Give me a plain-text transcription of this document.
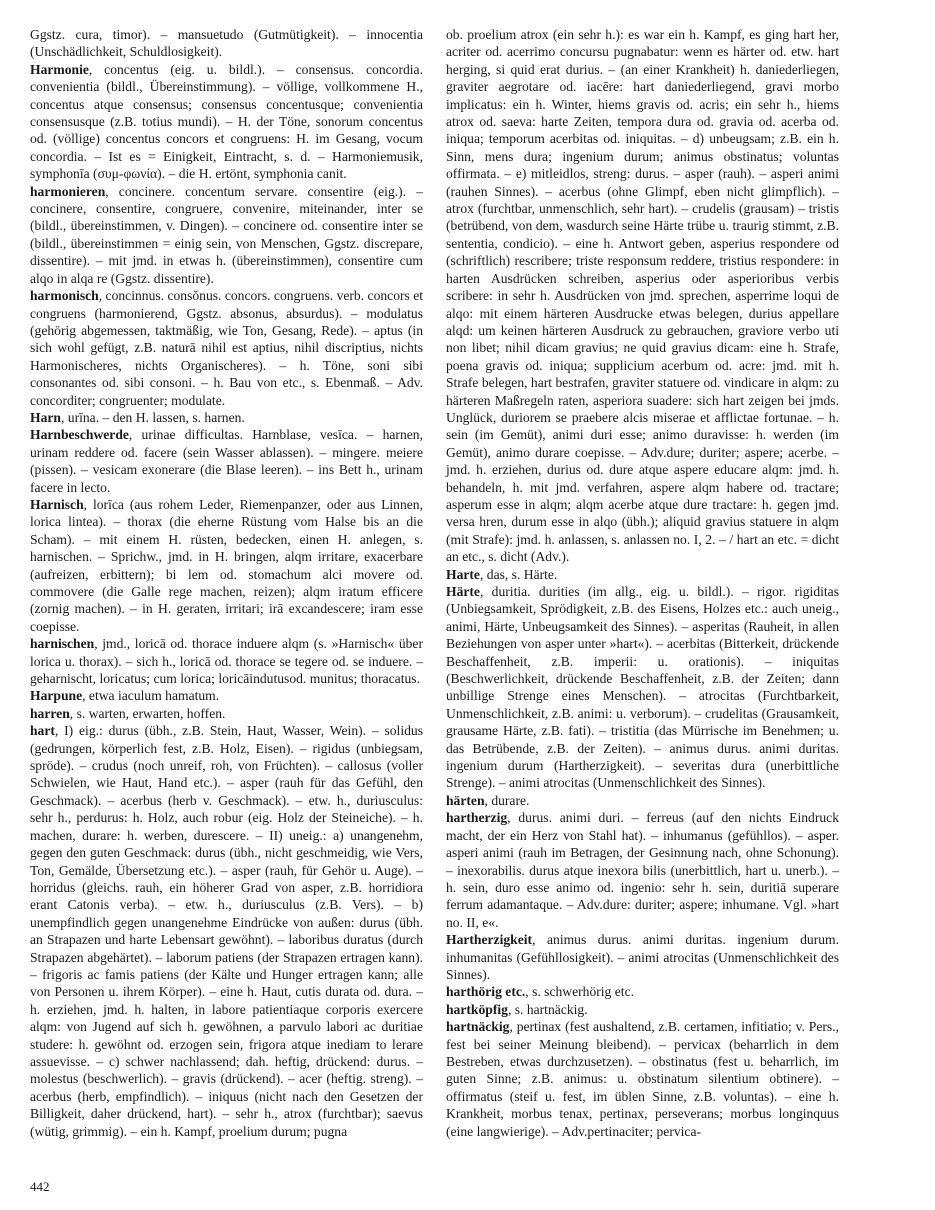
Ggstz. cura, timor). – mansuetudo (Gutmütigkeit). – innocentia (Unschädlichkeit, Schuldlosigkeit).

Harmonie, concentus (eig. u. bildl.). – consensus. concordia. convenientia (bildl., Übereinstimmung). – völlige, vollkommene H., concentus atque consensus; consensus concentusque; convenientia consensusque (z.B. totius mundi). – H. der Töne, sonorum concentus od. (völlige) concentus concors et congruens: H. im Gesang, vocum concordia. – Ist es = Einigkeit, Eintracht, s. d. – Harmoniemusik, symphonīa (συμ-φωνία). – die H. ertönt, symphonia canit.

harmonieren, concinere. concentum servare. consentire (eig.). – concinere, consentire, congruere, convenire, miteinander, inter se (bildl., übereinstimmen, v. Dingen). – concinere od. consentire inter se (bildl., übereinstimmen = einig sein, von Menschen, Ggstz. discrepare, dissentire). – mit jmd. in etwas h. (übereinstimmen), consentire cum alqo in alqa re (Ggstz. dissentire).

harmonisch, concinnus. consŏnus. concors. congruens. verb. concors et congruens (harmonierend, Ggstz. absonus, absurdus). – modulatus (gehörig abgemessen, taktmäßig, wie Ton, Gesang, Rede). – aptus (in sich wohl gefügt, z.B. naturā nihil est aptius, nihil discriptius, nichts Harmonischeres, nichts Organischeres). – h. Töne, soni sibi consonantes od. sibi consoni. – h. Bau von etc., s. Ebenmaß. – Adv. concorditer; congruenter; modulate.

Harn, urīna. – den H. lassen, s. harnen.

Harnbeschwerde, urinae difficultas. Harnblase, vesīca. – harnen, urinam reddere od. facere (sein Wasser ablassen). – mingere. meiere (pissen). – vesicam exonerare (die Blase leeren). – ins Bett h., urinam facere in lecto.

Harnisch, lorīca (aus rohem Leder, Riemenpanzer, oder aus Linnen, lorica lintea). – thorax (die eherne Rüstung vom Halse bis an die Scham). – mit einem H. rüsten, bedecken, einen H. anlegen, s. harnischen. – Sprichw., jmd. in H. bringen, alqm irritare, exacerbare (aufreizen, erbittern); bi lem od. stomachum alci movere od. commovere (die Galle rege machen, reizen); alqm iratum efficere (zornig machen). – in H. geraten, irritari; irā excandescere; iram esse coepisse.

harnischen, jmd., loricā od. thorace induere alqm (s. »Harnisch« über lorica u. thorax). – sich h., loricā od. thorace se tegere od. se induere. – geharnischt, loricatus; cum lorica; loricāindutusod. munitus; thoracatus.

Harpune, etwa iaculum hamatum.

harren, s. warten, erwarten, hoffen.

hart, I) eig.: durus (übh., z.B. Stein, Haut, Wasser, Wein). – solidus (gedrungen, körperlich fest, z.B. Holz, Eisen). – rigidus (unbiegsam, spröde). – crudus (noch unreif, roh, von Früchten). – callosus (voller Schwielen, wie Haut, Hand etc.). – asper (rauh für das Gefühl, den Geschmack). – acerbus (herb v. Geschmack). – etw. h., duriusculus: sehr h., perdurus: h. Holz, auch robur (eig. Holz der Steineiche). – h. machen, durare: h. werben, durescere. – II) uneig.: a) unangenehm, gegen den guten Geschmack: durus (übh., nicht geschmeidig, wie Vers, Ton, Gemälde, Übersetzung etc.). – asper (rauh, für Gehör u. Auge). – horridus (gleichs. rauh, ein höherer Grad von asper, z.B. horridiora erant Catonis verba). – etw. h., duriusculus (z.B. Vers). – b) unempfindlich gegen unangenehme Eindrücke von außen: durus (übh. an Strapazen und harte Lebensart gewöhnt). – laboribus duratus (durch Strapazen abgehärtet). – laborum patiens (der Strapazen ertragen kann). – frigoris ac famis patiens (der Kälte und Hunger ertragen kann; alle von Personen u. ihrem Körper). – eine h. Haut, cutis durata od. dura. – h. erziehen, jmd. h. halten, in labore patientiaque corporis exercere alqm: von Jugend auf sich h. gewöhnen, a parvulo labori ac duritiae studere: h. gewöhnt od. erzogen sein, frigora atque inediam to lerare assuevisse. – c) schwer nachlassend; dah. heftig, drückend: durus. – molestus (beschwerlich). – gravis (drückend). – acer (heftig. streng). – acerbus (herb, empfindlich). – iniquus (nicht nach den Gesetzen der Billigkeit, daher drückend, hart). – sehr h., atrox (furchtbar); saevus (wütig, grimmig). – ein h. Kampf, proelium durum; pugna

ob. proelium atrox (ein sehr h.): es war ein h. Kampf, es ging hart her, acriter od. acerrimo concursu pugnabatur: wenn es härter od. etw. hart herging, si quid erat durius. – (an einer Krankheit) h. daniederliegen, graviter aegrotare od. iacēre: hart daniederliegend, gravi morbo implicatus: ein h. Winter, hiems gravis od. acris; ein sehr h., hiems atrox od. saeva: harte Zeiten, tempora dura od. gravia od. acerba od. iniqua; temporum acerbitas od. iniquitas. – d) unbeugsam; z.B. ein h. Sinn, mens dura; ingenium durum; animus obstinatus; voluntas offirmata. – e) mitleidlos, streng: durus. – asper (rauh). – asperi animi (rauhen Sinnes). – acerbus (ohne Glimpf, eben nicht glimpflich). – atrox (furchtbar, unmenschlich, sehr hart). – crudelis (grausam) – tristis (betrübend, von dem, wasdurch seine Härte trübe u. traurig stimmt, z.B. sententia, condicio). – eine h. Antwort geben, asperius respondere od (schriftlich) rescribere; triste responsum reddere, tristius respondere: in harten Ausdrücken schreiben, asperius oder asperioribus verbis scribere: in sehr h. Ausdrücken von jmd. sprechen, asperrime loqui de alqo: mit einem härteren Ausdrucke etwas belegen, durius appellare alqd: um keinen härteren Ausdruck zu gebrauchen, graviore verbo uti non libet; nihil dicam gravius; ne quid gravius dicam: eine h. Strafe, poena gravis od. iniqua; supplicium acerbum od. acre: jmd. mit h. Strafe belegen, hart bestrafen, graviter statuere od. vindicare in alqm: zu härteren Maßregeln raten, asperiora suadere: sich hart zeigen bei jmds. Unglück, duriorem se praebere alcis miserae et afflictae fortunae. – h. sein (im Gemüt), animi duri esse; animo duravisse: h. werden (im Gemüt), animo durare coepisse. – Adv.dure; duriter; aspere; acerbe. – jmd. h. erziehen, durius od. dure atque aspere educare alqm: jmd. h. behandeln, h. mit jmd. verfahren, aspere alqm habere od. tractare; asperum esse in alqm; alqm acerbe atque dure tractare: h. gegen jmd. versa hren, durum esse in alqo (übh.); aliquid gravius statuere in alqm (mit Strafe): jmd. h. anlassen, s. anlassen no. I, 2. – / hart an etc. = dicht an etc., s. dicht (Adv.).

Harte, das, s. Härte.

Härte, duritia. durities (im allg., eig. u. bildl.). – rigor. rigiditas (Unbiegsamkeit, Sprödigkeit, z.B. des Eisens, Holzes etc.: auch uneig., animi, Härte, Unbeugsamkeit des Sinnes). – asperitas (Rauheit, in allen Beziehungen von asper unter »hart«). – acerbitas (Bitterkeit, drückende Beschaffenheit, z.B. imperii: u. orationis). – iniquitas (Beschwerlichkeit, drückende Beschaffenheit, z.B. der Zeiten; dann unbillige Strenge eines Menschen). – atrocitas (Furchtbarkeit, Unmenschlichkeit, z.B. animi: u. verborum). – crudelitas (Grausamkeit, grausame Härte, z.B. fati). – tristitia (das Mürrische im Benehmen; u. das Betrübende, z.B. der Zeiten). – animus durus. animi duritas. ingenium durum (Hartherzigkeit). – severitas dura (unerbittliche Strenge). – animi atrocitas (Unmenschlichkeit des Sinnes).

härten, durare.

hartherzig, durus. animi duri. – ferreus (auf den nichts Eindruck macht, der ein Herz von Stahl hat). – inhumanus (gefühllos). – asper. asperi animi (rauh im Betragen, der Gesinnung nach, ohne Schonung). – inexorabilis. durus atque inexora bilis (unerbittlich, hart u. unerb.). – h. sein, duro esse animo od. ingenio: sehr h. sein, duritiā superare ferrum adamantaque. – Adv.dure: duriter; aspere; inhumane. Vgl. »hart no. II, e«.

Hartherzigkeit, animus durus. animi duritas. ingenium durum. inhumanitas (Gefühllosigkeit). – animi atrocitas (Unmenschlichkeit des Sinnes).

harthörig etc., s. schwerhörig etc.

hartköpfig, s. hartnäckig.

hartnäckig, pertinax (fest aushaltend, z.B. certamen, infitiatio; v. Pers., fest bei seiner Meinung bleibend). – pervicax (beharrlich in dem Bestreben, etwas durchzusetzen). – obstinatus (fest u. beharrlich, im guten Sinne; z.B. animus: u. obstinatum silentium obtinere). – offirmatus (steif u. fest, im üblen Sinne, z.B. voluntas). – eine h. Krankheit, morbus tenax, pertinax, perseverans; morbus longinquus (eine langwierige). – Adv.pertinaciter; pervica-

442
